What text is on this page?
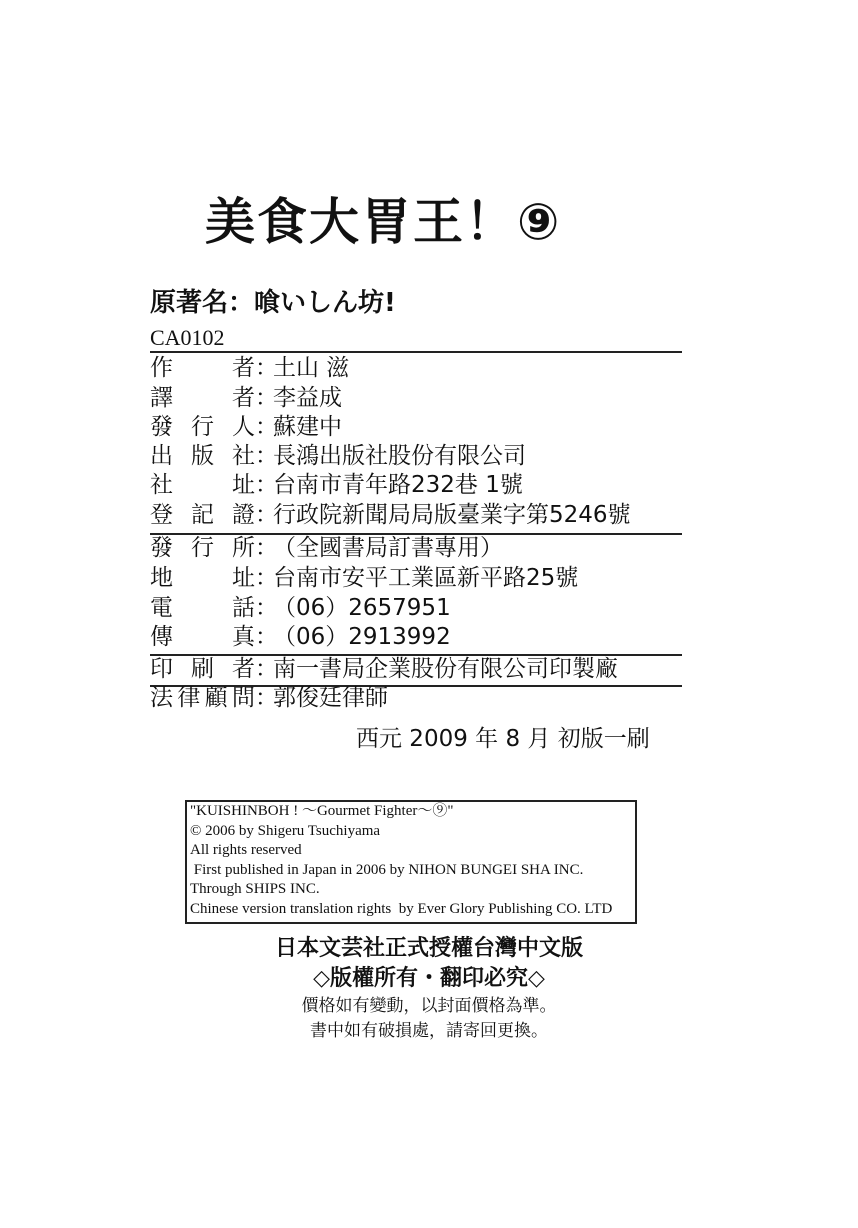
美食大胃王！⑨
原著名：喰いしん坊!
CA0102
作	者 ：
土山 滋
譯	者 ：
李益成
發 行 人 ：
蘇建中
出 版 社 ：
長鴻出版社股份有限公司
社	址 ：
台南市青年路232巷 1號
登 記 證 ：
行政院新聞局局版臺業字第5246號
發 行 所 ：
（全國書局訂書專用）
地	址 ：
台南市安平工業區新平路25號
電	話 ：
（06）2657951
傳	真 ：
（06）2913992
印 刷 者 ：
南一書局企業股份有限公司印製廠
法 律 顧 問 ：
郭俊廷律師
西元 2009 年 8 月 初版一刷
"KUISHINBOH ! ～Gourmet Fighter～⑨"
© 2006 by Shigeru Tsuchiyama
All rights reserved
First published in Japan in 2006 by NIHON BUNGEI SHA INC.
Through SHIPS INC.
Chinese version translation rights  by Ever Glory Publishing CO. LTD
日本文芸社正式授權台灣中文版
◇版權所有・翻印必究◇
價格如有變動，以封面價格為準。
書中如有破損處，請寄回更換。
